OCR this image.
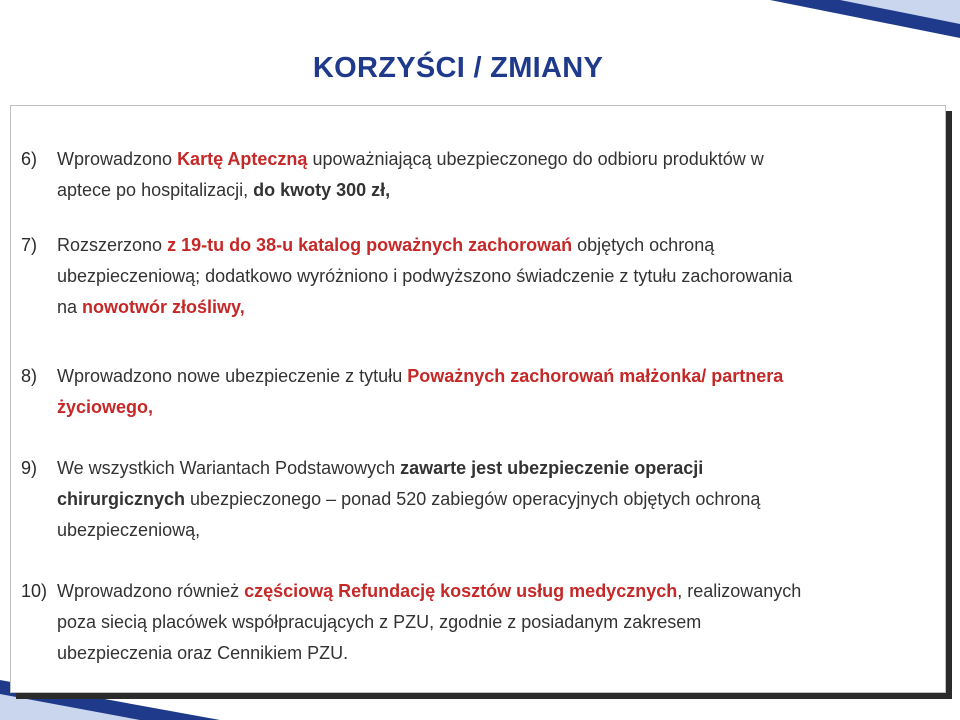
KORZYŚCI / ZMIANY
6) Wprowadzono Kartę Apteczną upoważniającą ubezpieczonego do odbioru produktów w
aptece po hospitalizacji, do kwoty 300 zł,
7) Rozszerzono z 19-tu do 38-u katalog poważnych zachorowań objętych ochroną
ubezpieczeniową; dodatkowo wyróżniono i podwyższono świadczenie z tytułu zachorowania
na nowotwór złośliwy,
8) Wprowadzono nowe ubezpieczenie z tytułu Poważnych zachorowań małżonka/ partnera
życiowego,
9) We wszystkich Wariantach Podstawowych zawarte jest ubezpieczenie operacji
chirurgicznych ubezpieczonego – ponad 520 zabiegów operacyjnych objętych ochroną
ubezpieczeniową,
10) Wprowadzono również częściową Refundację kosztów usług medycznych, realizowanych
poza siecią placówek współpracujących z PZU, zgodnie z posiadanym zakresem
ubezpieczenia oraz Cennikiem PZU.
